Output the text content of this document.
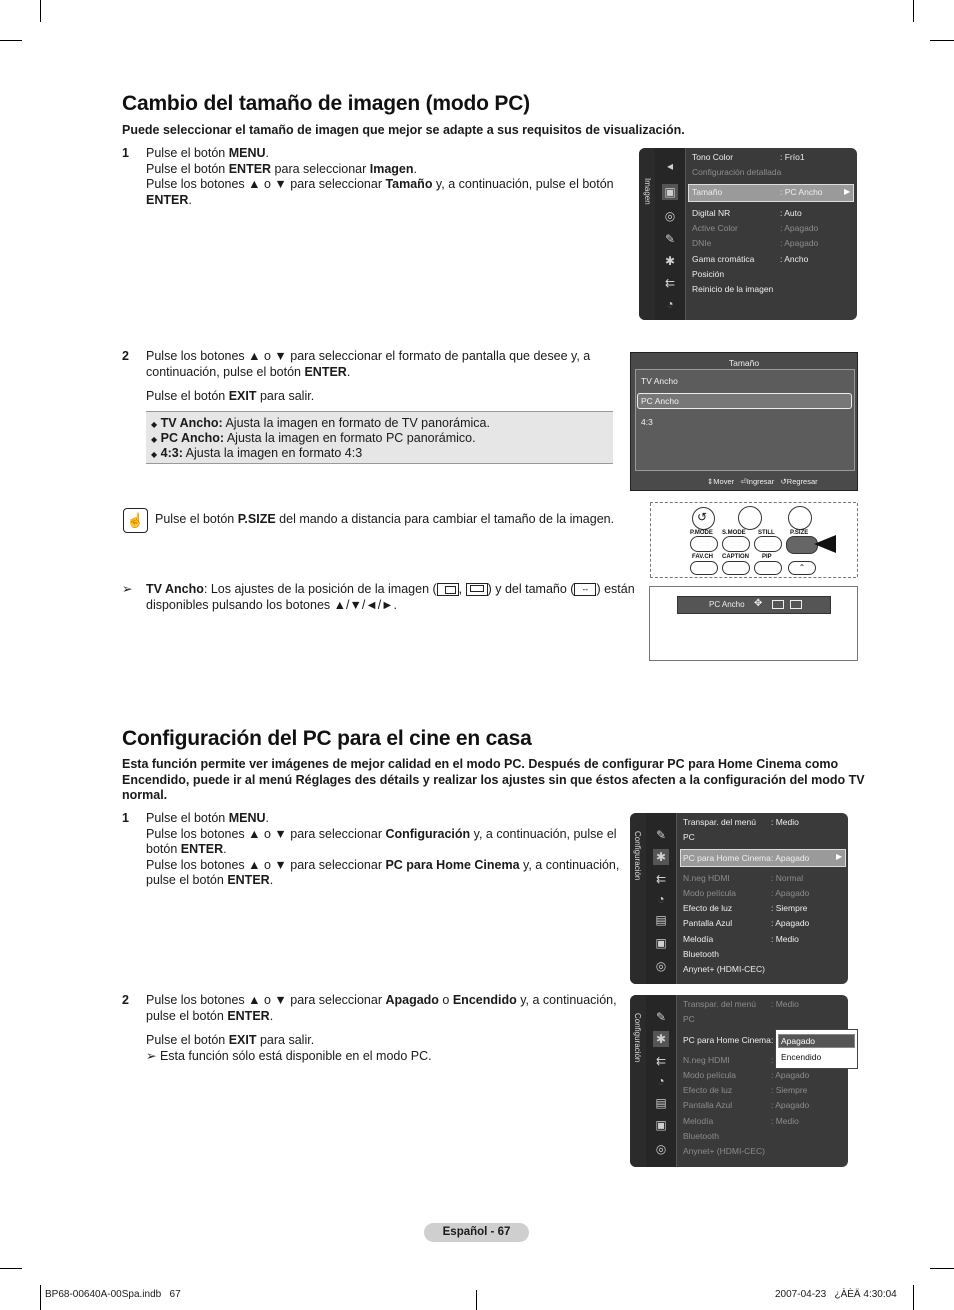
Cambio del tamaño de imagen (modo PC)
Puede seleccionar el tamaño de imagen que mejor se adapte a sus requisitos de visualización.
1 Pulse el botón MENU.
Pulse el botón ENTER para seleccionar Imagen.
Pulse los botones ▲ o ▼ para seleccionar Tamaño y, a continuación, pulse el botón
ENTER.	Imagen
◂
▣
◎
✎
✱
⇇
◔
▶
Tono Color	: Frío1
Configuración detallada
Tamaño	: PC Ancho
Digital NR	: Auto
Active Color	: Apagado
DNIe	: Apagado
Gama cromática	: Ancho
Posición
Reinicio de la imagen
2 Pulse los botones ▲ o ▼ para seleccionar el formato de pantalla que desee y, a
continuación, pulse el botón ENTER.
Pulse el botón EXIT para salir.
◆ TV Ancho: Ajusta la imagen en formato de TV panorámica.
◆ PC Ancho: Ajusta la imagen en formato PC panorámico.
◆ 4:3: Ajusta la imagen en formato 4:3
Tamaño
TV Ancho
PC Ancho
4:3
⇕Mover ⏎Ingresar ↺Regresar
☝ Pulse el botón P.SIZE del mando a distancia para cambiar el tamaño de la imagen.	↺
P.MODE S.MODE STILL	P.SIZE
FAV.CH CAPTION PIP
⌃
➢ TV Ancho: Los ajustes de la posición de la imagen ( , ) y del tamaño ( ↔ ) están
disponibles pulsando los botones ▲/▼/◄/►.	PC Ancho ✥
Configuración del PC para el cine en casa
Esta función permite ver imágenes de mejor calidad en el modo PC. Después de configurar PC para Home Cinema como
Encendido, puede ir al menú Réglages des détails y realizar los ajustes sin que éstos afecten a la configuración del modo TV
normal.
1 Pulse el botón MENU.
Pulse los botones ▲ o ▼ para seleccionar Configuración y, a continuación, pulse el
botón ENTER.
Pulse los botones ▲ o ▼ para seleccionar PC para Home Cinema y, a continuación,
pulse el botón ENTER.	Configuración ✎
✱
⇇
◔
▤
▣
◎
▶
Transpar. del menú : Medio
PC
PC para Home Cinema : Apagado
N.neg HDMI	: Normal
Modo película	: Apagado
Efecto de luz	: Siempre
Pantalla Azul	: Apagado
Melodía	: Medio
Bluetooth
Anynet+ (HDMI-CEC)
2 Pulse los botones ▲ o ▼ para seleccionar Apagado o Encendido y, a continuación,
pulse el botón ENTER.
Pulse el botón EXIT para salir.
➢ Esta función sólo está disponible en el modo PC.	Configuración ✎
✱
⇇
◔
▤
▣
◎
Transpar. del menú : Medio
PC
PC para Home Cinema :
N.neg HDMI	:
Modo película	: Apagado
Efecto de luz	: Siempre
Pantalla Azul	: Apagado
Melodía	: Medio
Bluetooth
Anynet+ (HDMI-CEC)
Apagado
Encendido
Español - 67
BP68-00640A-00Spa.indb   67	2007-04-23   ¿ÀÈÄ 4:30:04
